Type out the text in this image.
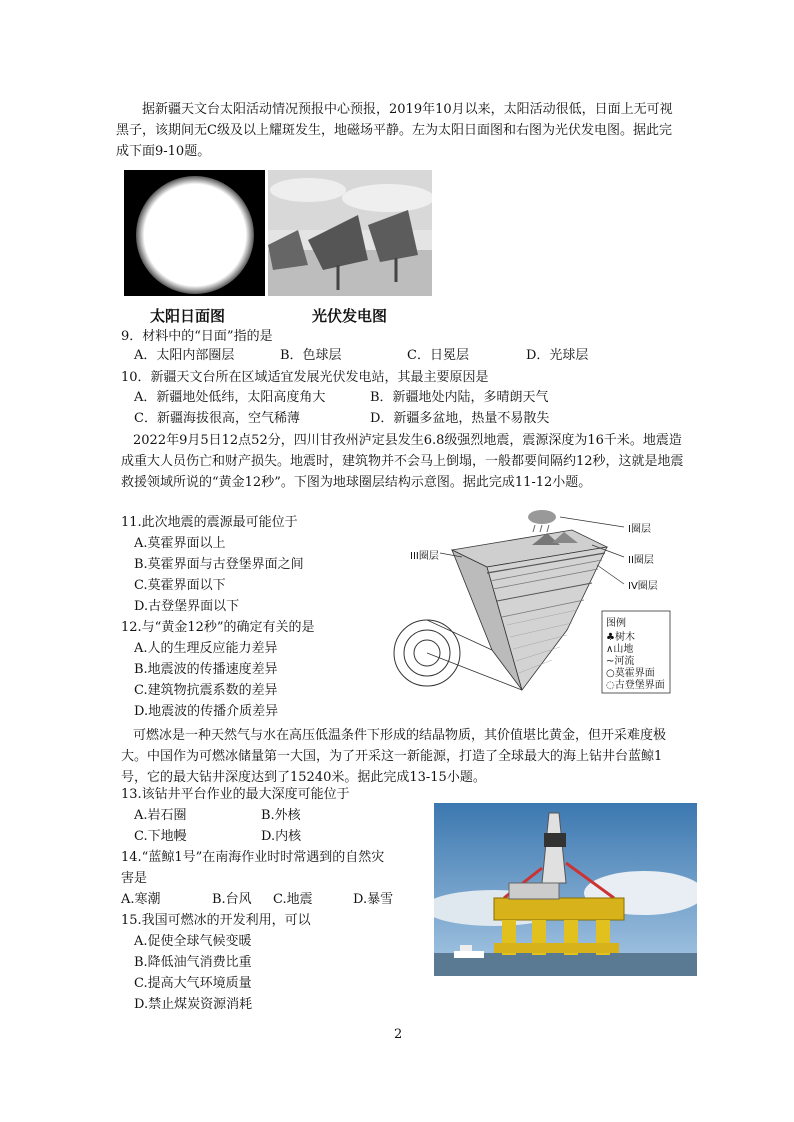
据新疆天文台太阳活动情况预报中心预报，2019年10月以来，太阳活动很低，日面上无可视黑子，该期间无C级及以上耀斑发生，地磁场平静。左为太阳日面图和右图为光伏发电图。据此完成下面9-10题。
太阳日面图	光伏发电图
9．材料中的“日面”指的是
A．太阳内部圈层	B．色球层	C．日冕层	D．光球层
10．新疆天文台所在区域适宜发展光伏发电站，其最主要原因是
A．新疆地处低纬，太阳高度角大	B．新疆地处内陆，多晴朗天气
C．新疆海拔很高，空气稀薄	D．新疆多盆地，热量不易散失
2022年9月5日12点52分，四川甘孜州泸定县发生6.8级强烈地震，震源深度为16千米。地震造成重大人员伤亡和财产损失。地震时，建筑物并不会马上倒塌，一般都要间隔约12秒，这就是地震救援领域所说的“黄金12秒”。下图为地球圈层结构示意图。据此完成11-12小题。
11.此次地震的震源最可能位于
A.莫霍界面以上
B.莫霍界面与古登堡界面之间
C.莫霍界面以下
D.古登堡界面以下
12.与“黄金12秒”的确定有关的是
A.人的生理反应能力差异
B.地震波的传播速度差异
C.建筑物抗震系数的差异
D.地震波的传播介质差异
III圈层
I圈层
II圈层
IV圈层
图例
♣树木
∧山地
~河流
○莫霍界面
◌古登堡界面
可燃冰是一种天然气与水在高压低温条件下形成的结晶物质，其价值堪比黄金，但开采难度极大。中国作为可燃冰储量第一大国，为了开采这一新能源，打造了全球最大的海上钻井台蓝鲸1号，它的最大钻井深度达到了15240米。据此完成13-15小题。
13.该钻井平台作业的最大深度可能位于
A.岩石圈	B.外核
C.下地幔	D.内核
14.“蓝鲸1号”在南海作业时时常遇到的自然灾
害是
A.寒潮	B.台风 C.地震	D.暴雪
15.我国可燃冰的开发利用，可以
A.促使全球气候变暖
B.降低油气消费比重
C.提高大气环境质量
D.禁止煤炭资源消耗
2
